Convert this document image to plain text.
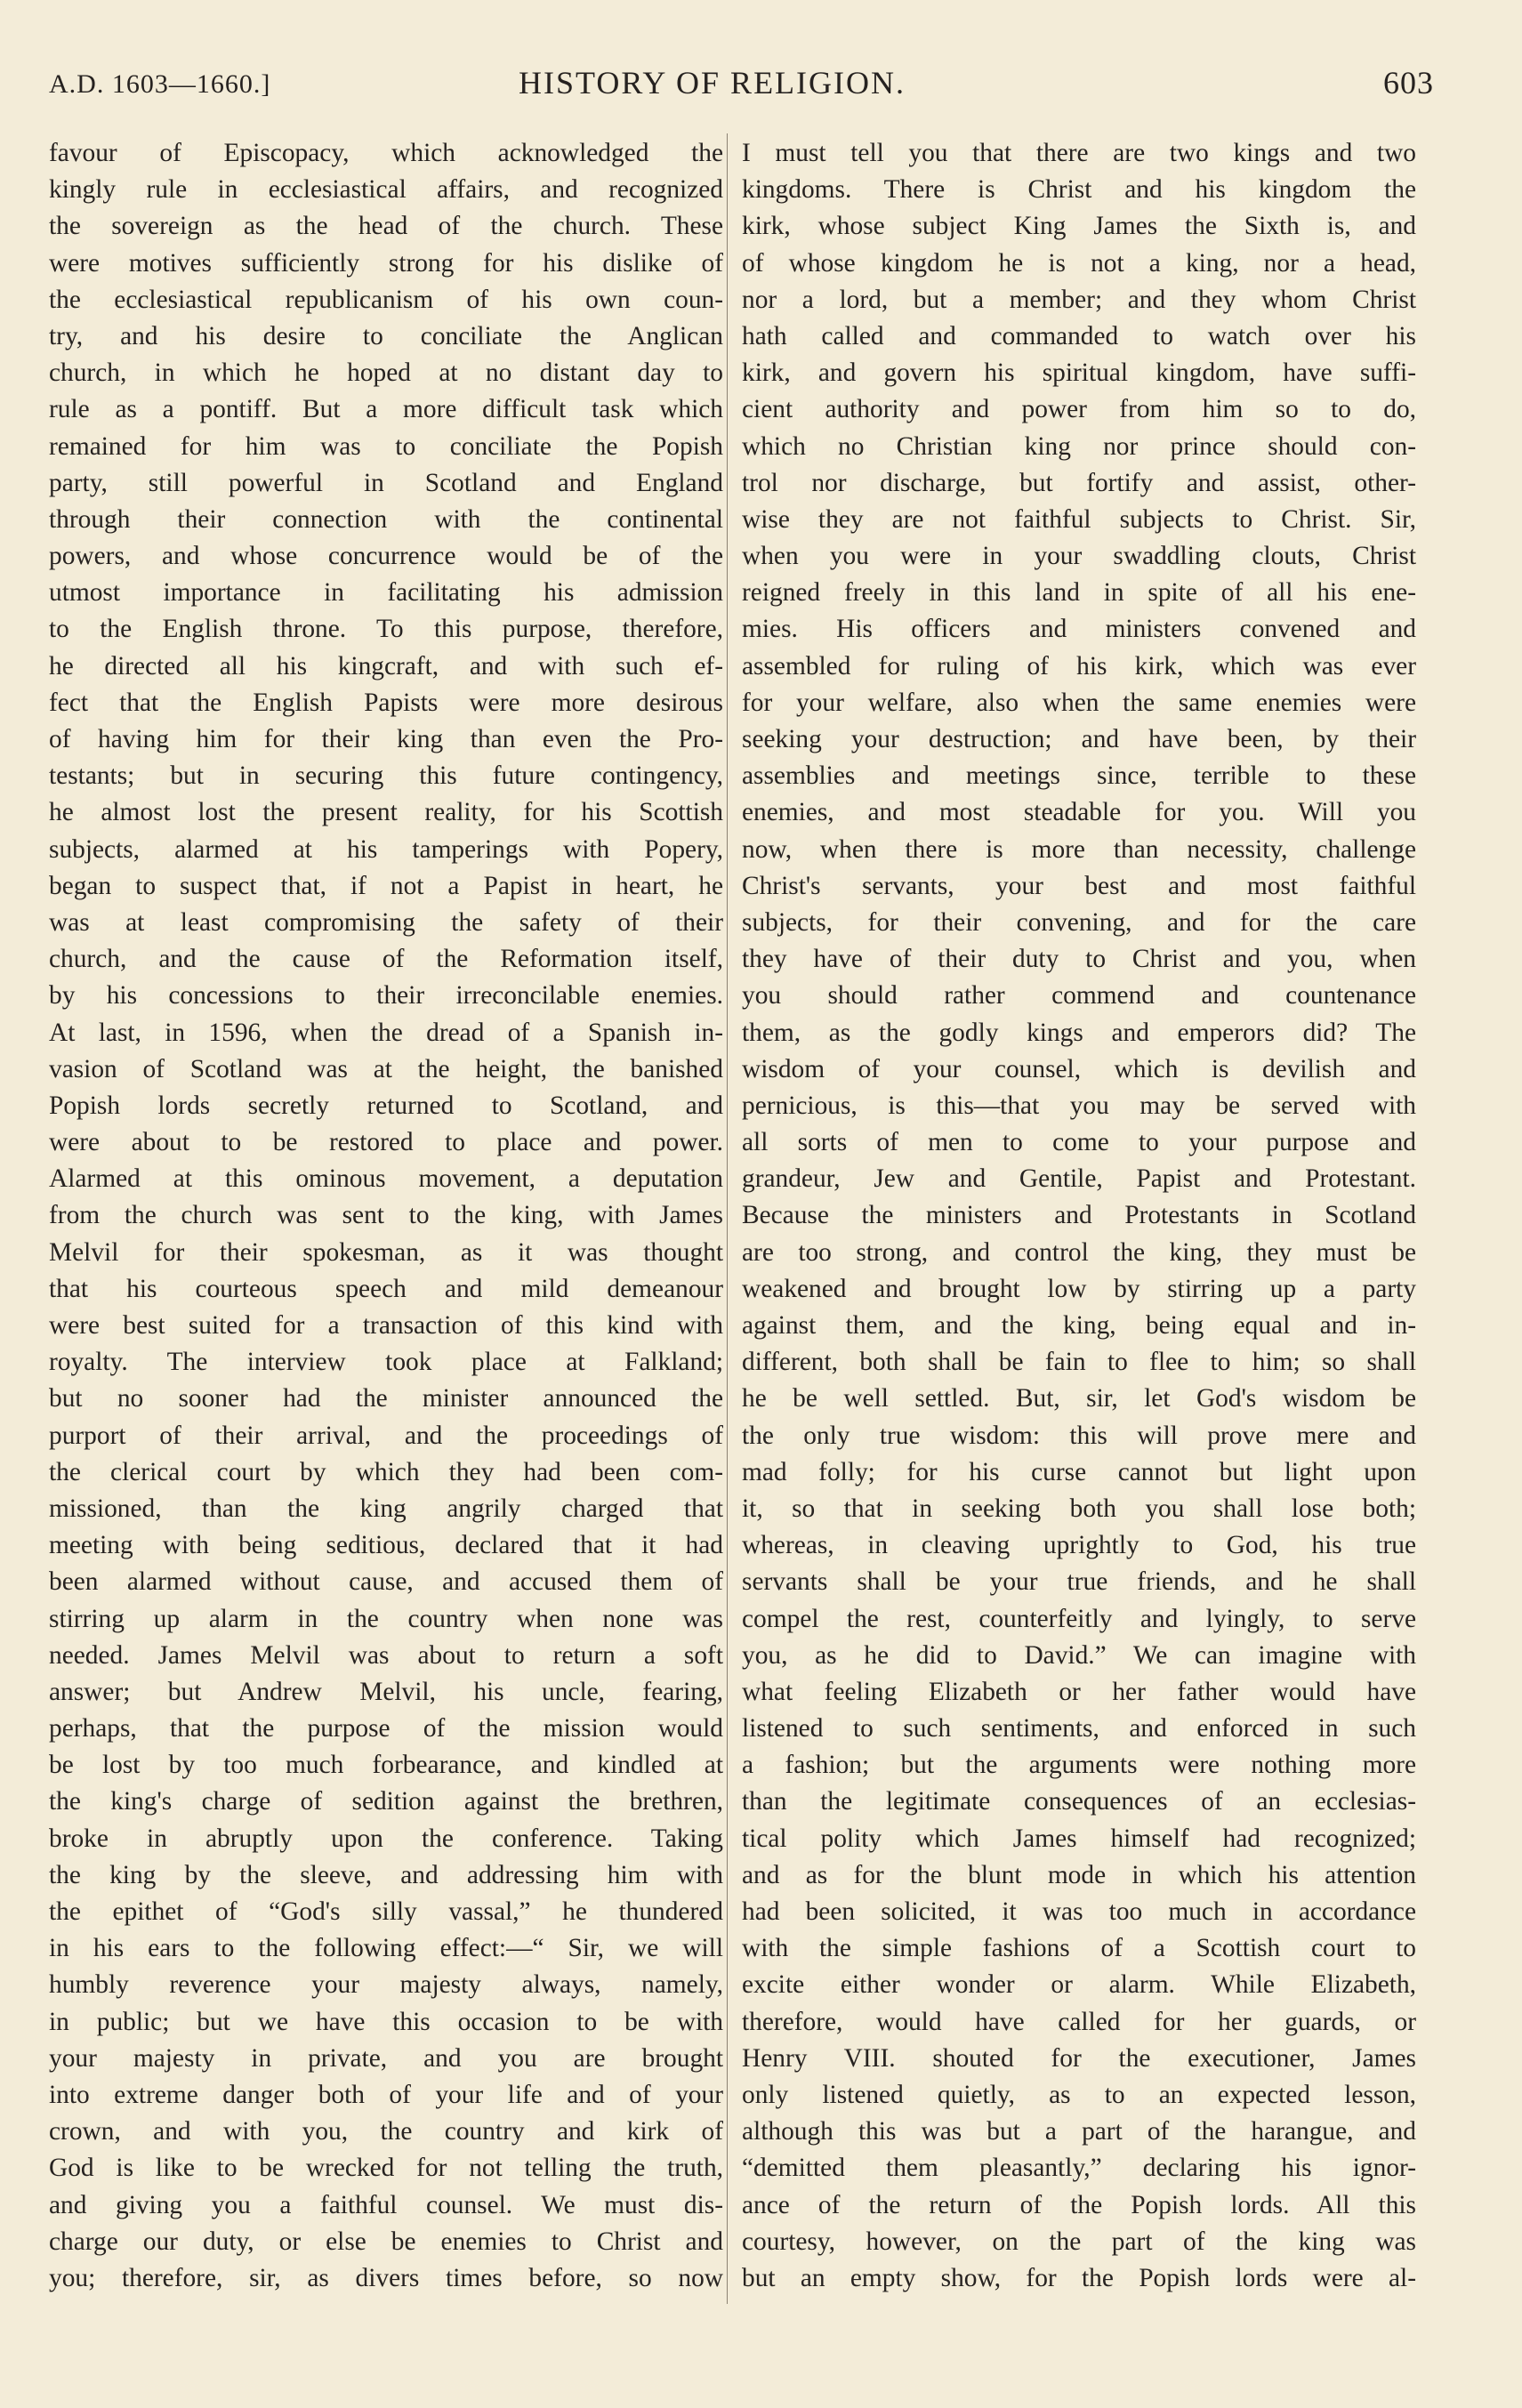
A.D. 1603—1660.]	HISTORY OF RELIGION.	603
favour of Episcopacy, which acknowledged the
kingly rule in ecclesiastical affairs, and recognized
the sovereign as the head of the church. These
were motives sufficiently strong for his dislike of
the ecclesiastical republicanism of his own coun-
try, and his desire to conciliate the Anglican
church, in which he hoped at no distant day to
rule as a pontiff. But a more difficult task which
remained for him was to conciliate the Popish
party, still powerful in Scotland and England
through their connection with the continental
powers, and whose concurrence would be of the
utmost importance in facilitating his admission
to the English throne. To this purpose, therefore,
he directed all his kingcraft, and with such ef-
fect that the English Papists were more desirous
of having him for their king than even the Pro-
testants; but in securing this future contingency,
he almost lost the present reality, for his Scottish
subjects, alarmed at his tamperings with Popery,
began to suspect that, if not a Papist in heart, he
was at least compromising the safety of their
church, and the cause of the Reformation itself,
by his concessions to their irreconcilable enemies.
At last, in 1596, when the dread of a Spanish in-
vasion of Scotland was at the height, the banished
Popish lords secretly returned to Scotland, and
were about to be restored to place and power.
Alarmed at this ominous movement, a deputation
from the church was sent to the king, with James
Melvil for their spokesman, as it was thought
that his courteous speech and mild demeanour
were best suited for a transaction of this kind with
royalty. The interview took place at Falkland;
but no sooner had the minister announced the
purport of their arrival, and the proceedings of
the clerical court by which they had been com-
missioned, than the king angrily charged that
meeting with being seditious, declared that it had
been alarmed without cause, and accused them of
stirring up alarm in the country when none was
needed. James Melvil was about to return a soft
answer; but Andrew Melvil, his uncle, fearing,
perhaps, that the purpose of the mission would
be lost by too much forbearance, and kindled at
the king's charge of sedition against the brethren,
broke in abruptly upon the conference. Taking
the king by the sleeve, and addressing him with
the epithet of “God's silly vassal,” he thundered
in his ears to the following effect:—“ Sir, we will
humbly reverence your majesty always, namely,
in public; but we have this occasion to be with
your majesty in private, and you are brought
into extreme danger both of your life and of your
crown, and with you, the country and kirk of
God is like to be wrecked for not telling the truth,
and giving you a faithful counsel. We must dis-
charge our duty, or else be enemies to Christ and
you; therefore, sir, as divers times before, so now
I must tell you that there are two kings and two
kingdoms. There is Christ and his kingdom the
kirk, whose subject King James the Sixth is, and
of whose kingdom he is not a king, nor a head,
nor a lord, but a member; and they whom Christ
hath called and commanded to watch over his
kirk, and govern his spiritual kingdom, have suffi-
cient authority and power from him so to do,
which no Christian king nor prince should con-
trol nor discharge, but fortify and assist, other-
wise they are not faithful subjects to Christ. Sir,
when you were in your swaddling clouts, Christ
reigned freely in this land in spite of all his ene-
mies. His officers and ministers convened and
assembled for ruling of his kirk, which was ever
for your welfare, also when the same enemies were
seeking your destruction; and have been, by their
assemblies and meetings since, terrible to these
enemies, and most steadable for you. Will you
now, when there is more than necessity, challenge
Christ's servants, your best and most faithful
subjects, for their convening, and for the care
they have of their duty to Christ and you, when
you should rather commend and countenance
them, as the godly kings and emperors did? The
wisdom of your counsel, which is devilish and
pernicious, is this—that you may be served with
all sorts of men to come to your purpose and
grandeur, Jew and Gentile, Papist and Protestant.
Because the ministers and Protestants in Scotland
are too strong, and control the king, they must be
weakened and brought low by stirring up a party
against them, and the king, being equal and in-
different, both shall be fain to flee to him; so shall
he be well settled. But, sir, let God's wisdom be
the only true wisdom: this will prove mere and
mad folly; for his curse cannot but light upon
it, so that in seeking both you shall lose both;
whereas, in cleaving uprightly to God, his true
servants shall be your true friends, and he shall
compel the rest, counterfeitly and lyingly, to serve
you, as he did to David.” We can imagine with
what feeling Elizabeth or her father would have
listened to such sentiments, and enforced in such
a fashion; but the arguments were nothing more
than the legitimate consequences of an ecclesias-
tical polity which James himself had recognized;
and as for the blunt mode in which his attention
had been solicited, it was too much in accordance
with the simple fashions of a Scottish court to
excite either wonder or alarm. While Elizabeth,
therefore, would have called for her guards, or
Henry VIII. shouted for the executioner, James
only listened quietly, as to an expected lesson,
although this was but a part of the harangue, and
“demitted them pleasantly,” declaring his ignor-
ance of the return of the Popish lords. All this
courtesy, however, on the part of the king was
but an empty show, for the Popish lords were al-
